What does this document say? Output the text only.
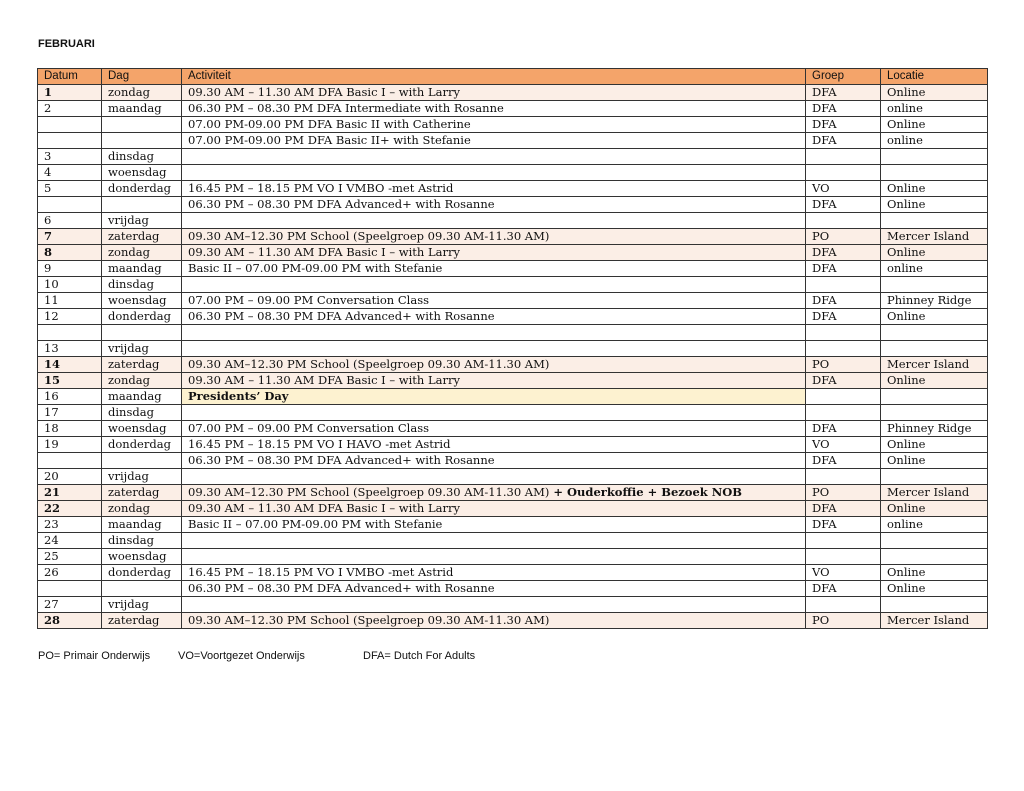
FEBRUARI
Datum	Dag	Activiteit	Groep	Locatie
1	zondag	09.30 AM – 11.30 AM DFA Basic I – with Larry	DFA	Online
2	maandag	06.30 PM – 08.30 PM DFA Intermediate with Rosanne	DFA	online
		07.00 PM-09.00 PM DFA Basic II with Catherine	DFA	Online
		07.00 PM-09.00 PM DFA Basic II+ with Stefanie	DFA	online
3	dinsdag			
4	woensdag			
5	donderdag	16.45 PM – 18.15 PM VO I VMBO -met Astrid	VO	Online
		06.30 PM – 08.30 PM DFA Advanced+ with Rosanne	DFA	Online
6	vrijdag			
7	zaterdag	09.30 AM–12.30 PM School (Speelgroep 09.30 AM-11.30 AM)	PO	Mercer Island
8	zondag	09.30 AM – 11.30 AM DFA Basic I – with Larry	DFA	Online
9	maandag	Basic II – 07.00 PM-09.00 PM with Stefanie	DFA	online
10	dinsdag			
11	woensdag	07.00 PM – 09.00 PM Conversation Class	DFA	Phinney Ridge
12	donderdag	06.30 PM – 08.30 PM DFA Advanced+ with Rosanne	DFA	Online

13	vrijdag			
14	zaterdag	09.30 AM–12.30 PM School (Speelgroep 09.30 AM-11.30 AM)	PO	Mercer Island
15	zondag	09.30 AM – 11.30 AM DFA Basic I – with Larry	DFA	Online
16	maandag	Presidents’ Day		
17	dinsdag			
18	woensdag	07.00 PM – 09.00 PM Conversation Class	DFA	Phinney Ridge
19	donderdag	16.45 PM – 18.15 PM VO I HAVO -met Astrid	VO	Online
		06.30 PM – 08.30 PM DFA Advanced+ with Rosanne	DFA	Online
20	vrijdag			
21	zaterdag	09.30 AM–12.30 PM School (Speelgroep 09.30 AM-11.30 AM) + Ouderkoffie + Bezoek NOB	PO	Mercer Island
22	zondag	09.30 AM – 11.30 AM DFA Basic I – with Larry	DFA	Online
23	maandag	Basic II – 07.00 PM-09.00 PM with Stefanie	DFA	online
24	dinsdag			
25	woensdag			
26	donderdag	16.45 PM – 18.15 PM VO I VMBO -met Astrid	VO	Online
		06.30 PM – 08.30 PM DFA Advanced+ with Rosanne	DFA	Online
27	vrijdag			
28	zaterdag	09.30 AM–12.30 PM School (Speelgroep 09.30 AM-11.30 AM)	PO	Mercer Island
PO= Primair Onderwijs	VO=Voortgezet Onderwijs	DFA= Dutch For Adults
